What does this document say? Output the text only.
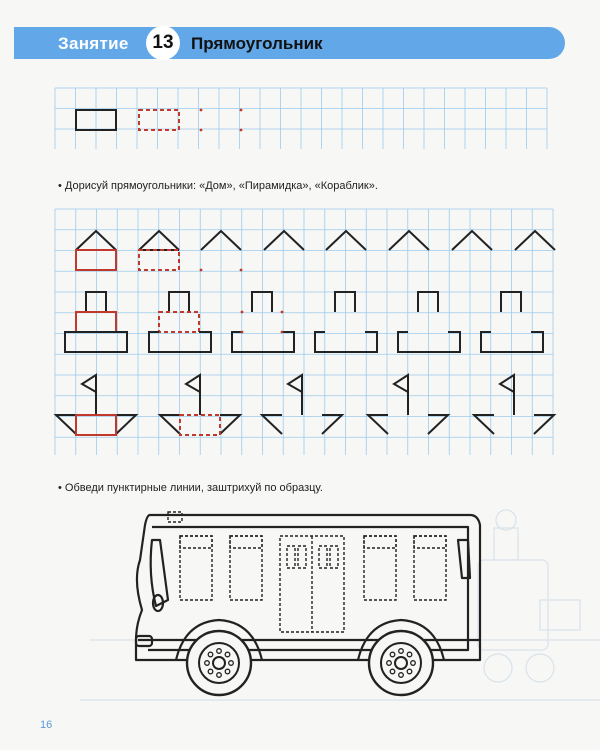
Занятие	13	Прямоугольник
• Дорисуй прямоугольники: «Дом», «Пирамидка», «Кораблик».
• Обведи пунктирные линии, заштрихуй по образцу.
16
